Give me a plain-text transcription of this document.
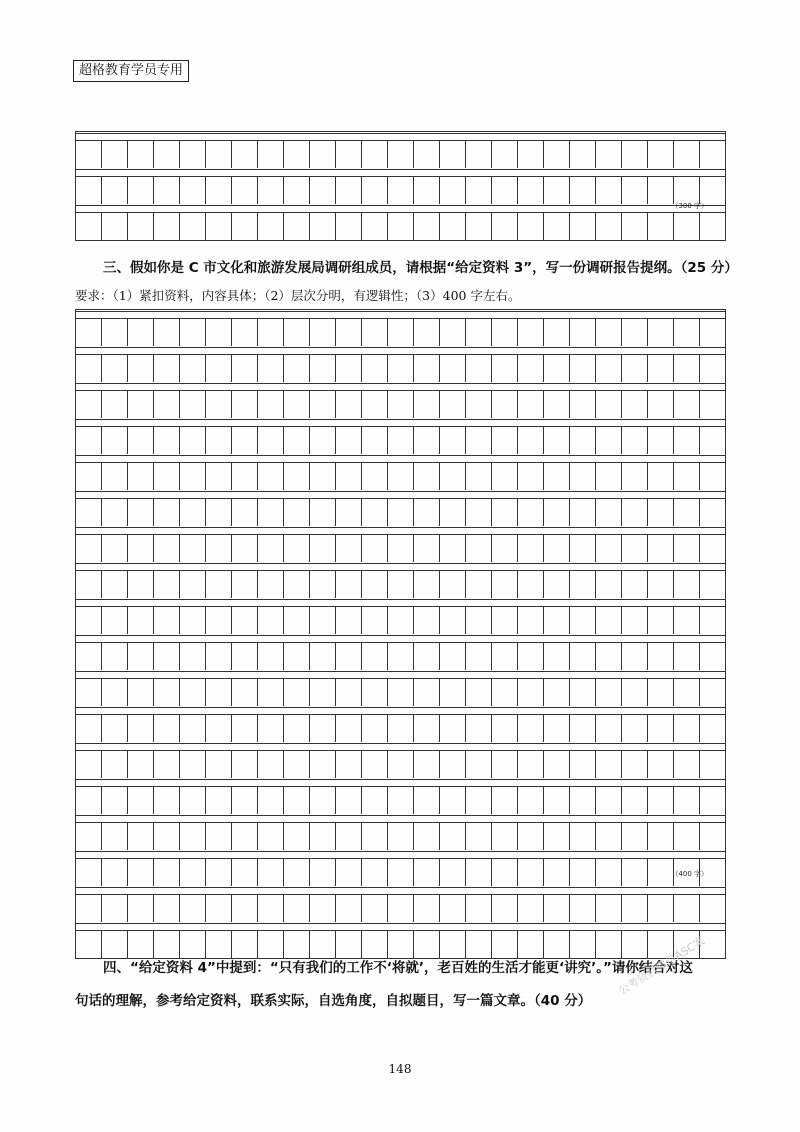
超格教育学员专用
（300 字）
三、假如你是 C 市文化和旅游发展局调研组成员，请根据“给定资料 3”，写一份调研报告提纲。（25 分）
要求：（1）紧扣资料，内容具体；（2）层次分明，有逻辑性；（3）400 字左右。
（400 字）
四、“给定资料 4”中提到：“只有我们的工作不‘将就’，老百姓的生活才能更‘讲究’。”请你结合对这
句话的理解，参考给定资料，联系实际，自选角度，自拟题目，写一篇文章。（40 分）
148
公考资料微信ASC案
